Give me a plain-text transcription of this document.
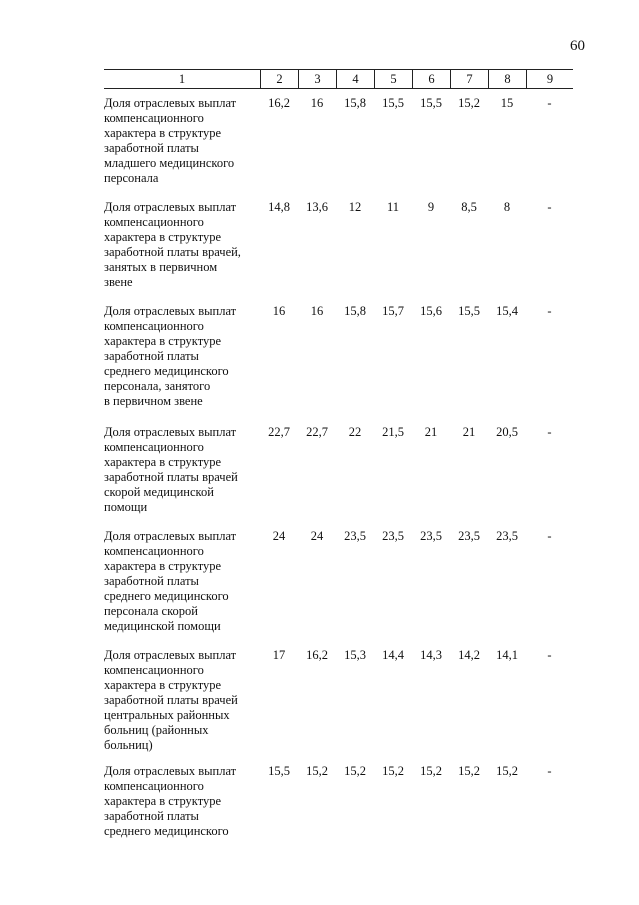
60
1	2	3	4	5	6	7	8	9
Доля отраслевых выплат
компенсационного
характера в структуре
заработной платы
младшего медицинского
персонала
16,2	16	15,8	15,5	15,5	15,2	15	-
Доля отраслевых выплат
компенсационного
характера в структуре
заработной платы врачей,
занятых в первичном
звене
14,8	13,6	12	11	9	8,5	8	-
Доля отраслевых выплат
компенсационного
характера в структуре
заработной платы
среднего медицинского
персонала, занятого
в первичном звене
16	16	15,8	15,7	15,6	15,5	15,4	-
Доля отраслевых выплат
компенсационного
характера в структуре
заработной платы врачей
скорой медицинской
помощи
22,7	22,7	22	21,5	21	21	20,5	-
Доля отраслевых выплат
компенсационного
характера в структуре
заработной платы
среднего медицинского
персонала скорой
медицинской помощи
24	24	23,5	23,5	23,5	23,5	23,5	-
Доля отраслевых выплат
компенсационного
характера в структуре
заработной платы врачей
центральных районных
больниц (районных
больниц)
17	16,2	15,3	14,4	14,3	14,2	14,1	-
Доля отраслевых выплат
компенсационного
характера в структуре
заработной платы
среднего медицинского
15,5	15,2	15,2	15,2	15,2	15,2	15,2	-
